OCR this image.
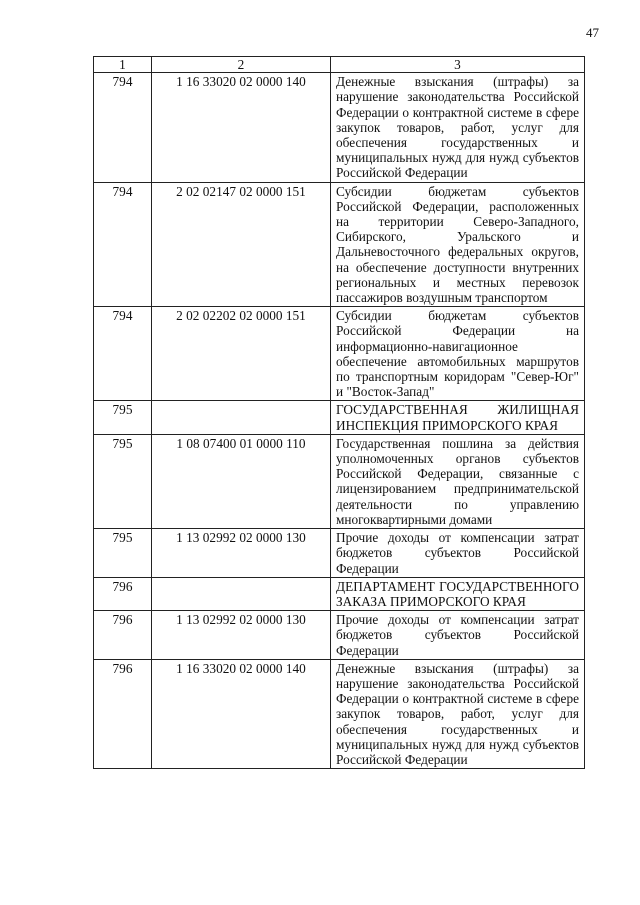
47
1	2	3
794	1 16 33020 02 0000 140	Денежные взыскания (штрафы) за нарушение законодательства Российской Федерации о контрактной системе в сфере закупок товаров, работ, услуг для обеспечения государственных и муниципальных нужд для нужд субъектов Российской Федерации
794	2 02 02147 02 0000 151	Субсидии бюджетам субъектов Российской Федерации, расположенных на территории Северо-Западного, Сибирского, Уральского и Дальневосточного федеральных округов, на обеспечение доступности внутренних региональных и местных перевозок пассажиров воздушным транспортом
794	2 02 02202 02 0000 151	Субсидии бюджетам субъектов Российской Федерации на информационно-навигационное обеспечение автомобильных маршрутов по транспортным коридорам "Север-Юг" и "Восток-Запад"
795		ГОСУДАРСТВЕННАЯ ЖИЛИЩНАЯ ИНСПЕКЦИЯ ПРИМОРСКОГО КРАЯ
795	1 08 07400 01 0000 110	Государственная пошлина за действия уполномоченных органов субъектов Российской Федерации, связанные с лицензированием предпринимательской деятельности по управлению многоквартирными домами
795	1 13 02992 02 0000 130	Прочие доходы от компенсации затрат бюджетов субъектов Российской Федерации
796		ДЕПАРТАМЕНТ ГОСУДАРСТВЕННОГО ЗАКАЗА ПРИМОРСКОГО КРАЯ
796	1 13 02992 02 0000 130	Прочие доходы от компенсации затрат бюджетов субъектов Российской Федерации
796	1 16 33020 02 0000 140	Денежные взыскания (штрафы) за нарушение законодательства Российской Федерации о контрактной системе в сфере закупок товаров, работ, услуг для обеспечения государственных и муниципальных нужд для нужд субъектов Российской Федерации
